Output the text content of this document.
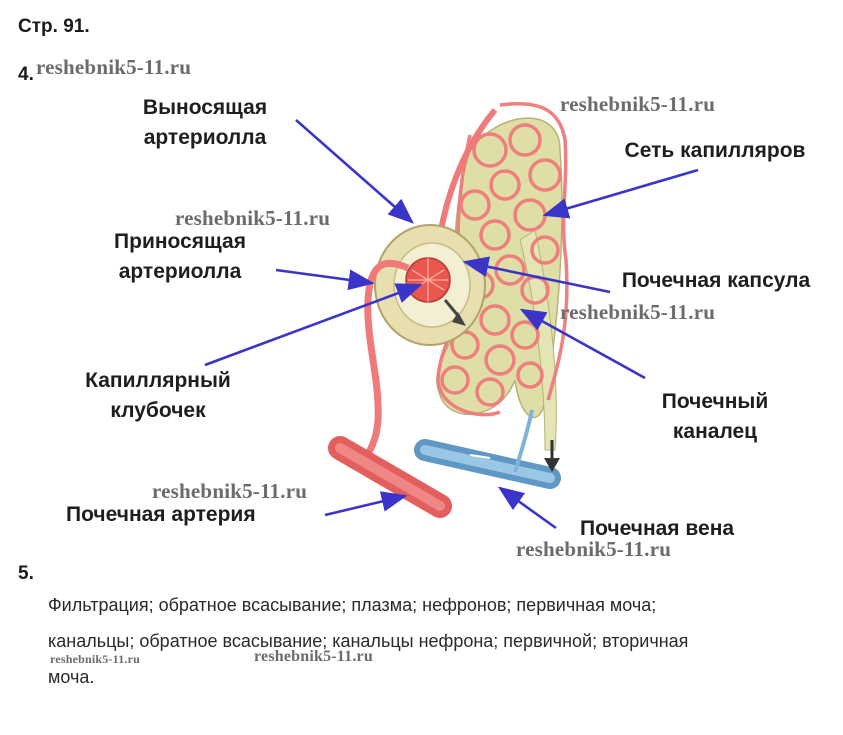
Стр. 91.
4.
Выносящая
артериолла
Сеть капилляров
Приносящая
артериолла	Почечная капсула
Капиллярный
клубочек	Почечный
каналец
Почечная артерия
Почечная вена
5.
Фильтрация; обратное всасывание; плазма; нефронов; первичная моча;
канальцы; обратное всасывание; канальцы нефрона; первичной; вторичная
моча.
reshebnik5-11.ru
reshebnik5-11.ru
reshebnik5-11.ru
reshebnik5-11.ru
reshebnik5-11.ru
reshebnik5-11.ru
reshebnik5-11.ru	reshebnik5-11.ru
